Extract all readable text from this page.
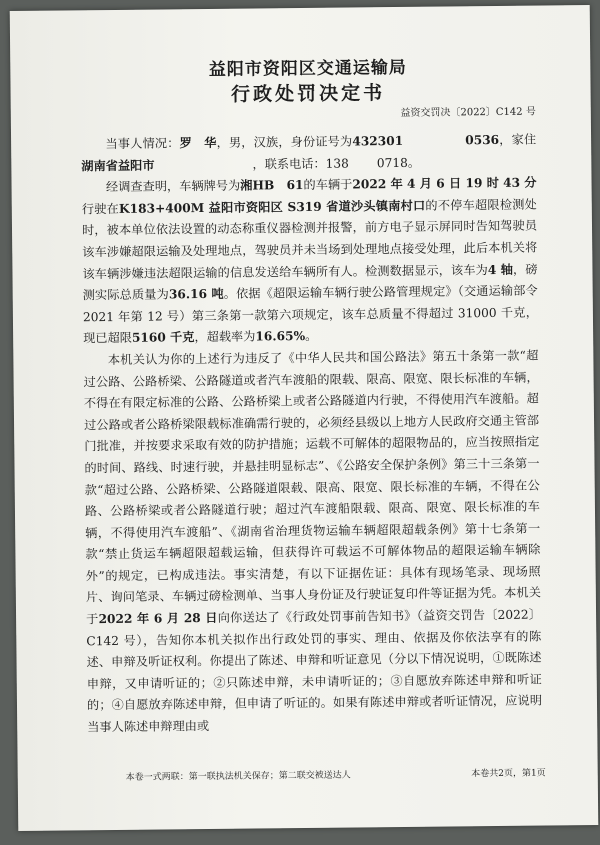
益阳市资阳区交通运输局

行政处罚决定书

益资交罚决〔2022〕C142 号

当事人情况：罗　华，男，汉族，身份证号为432301	0536，家住湖南省益阳市	，联系电话：138 0718。

经调查查明，车辆牌号为湘HB　61的车辆于2022 年 4 月 6 日 19 时 43 分行驶在K183+400M 益阳市资阳区 S319 省道沙头镇南村口的不停车超限检测处时，被本单位依法设置的动态称重仪器检测并报警，前方电子显示屏同时告知驾驶员该车涉嫌超限运输及处理地点，驾驶员并未当场到处理地点接受处理，此后本机关将该车辆涉嫌违法超限运输的信息发送给车辆所有人。检测数据显示，该车为4 轴，磅测实际总质量为36.16 吨。依据《超限运输车辆行驶公路管理规定》（交通运输部令 2021 年第 12 号）第三条第一款第六项规定，该车总质量不得超过 31000 千克，现已超限5160 千克，超载率为16.65%。

本机关认为你的上述行为违反了《中华人民共和国公路法》第五十条第一款“超过公路、公路桥梁、公路隧道或者汽车渡船的限载、限高、限宽、限长标准的车辆，不得在有限定标准的公路、公路桥梁上或者公路隧道内行驶，不得使用汽车渡船。超过公路或者公路桥梁限载标准确需行驶的，必须经县级以上地方人民政府交通主管部门批准，并按要求采取有效的防护措施；运载不可解体的超限物品的，应当按照指定的时间、路线、时速行驶，并悬挂明显标志”、《公路安全保护条例》第三十三条第一款“超过公路、公路桥梁、公路隧道限载、限高、限宽、限长标准的车辆，不得在公路、公路桥梁或者公路隧道行驶；超过汽车渡船限载、限高、限宽、限长标准的车辆，不得使用汽车渡船”、《湖南省治理货物运输车辆超限超载条例》第十七条第一款“禁止货运车辆超限超载运输，但获得许可载运不可解体物品的超限运输车辆除外”的规定，已构成违法。事实清楚，有以下证据佐证：具体有现场笔录、现场照片、询问笔录、车辆过磅检测单、当事人身份证及行驶证复印件等证据为凭。本机关于2022 年 6 月 28 日向你送达了《行政处罚事前告知书》（益资交罚告〔2022〕C142 号），告知你本机关拟作出行政处罚的事实、理由、依据及你依法享有的陈述、申辩及听证权利。你提出了陈述、申辩和听证意见（分以下情况说明，①既陈述申辩，又申请听证的；②只陈述申辩，未申请听证的；③自愿放弃陈述申辩和听证的；④自愿放弃陈述申辩，但申请了听证的。如果有陈述申辩或者听证情况，应说明当事人陈述申辩理由或

本卷一式两联：第一联执法机关保存；第二联交被送达人	本卷共2页，第1页
